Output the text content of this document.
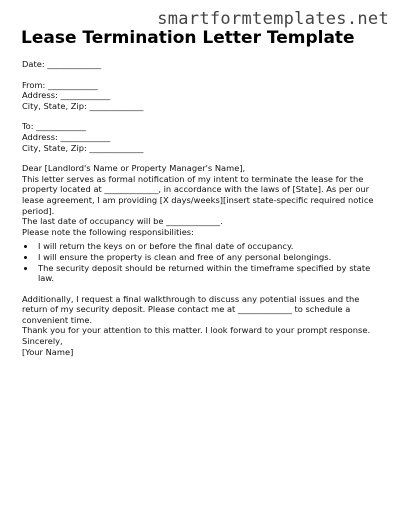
smartformtemplates.net
Lease Termination Letter Template

Date: _____________

From: ____________

Address: ____________

City, State, Zip: _____________

To: ____________

Address: ____________

City, State, Zip: _____________

Dear [Landlord's Name or Property Manager's Name],

This letter serves as formal notification of my intent to terminate the lease for the property located at _____________, in accordance with the laws of [State]. As per our lease agreement, I am providing [X days/weeks][insert state-specific required notice period].

The last date of occupancy will be _____________.

Please note the following responsibilities:

• I will return the keys on or before the final date of occupancy.
• I will ensure the property is clean and free of any personal belongings.
• The security deposit should be returned within the timeframe specified by state law.

Additionally, I request a final walkthrough to discuss any potential issues and the return of my security deposit. Please contact me at _____________ to schedule a convenient time.

Thank you for your attention to this matter. I look forward to your prompt response.

Sincerely,

[Your Name]
